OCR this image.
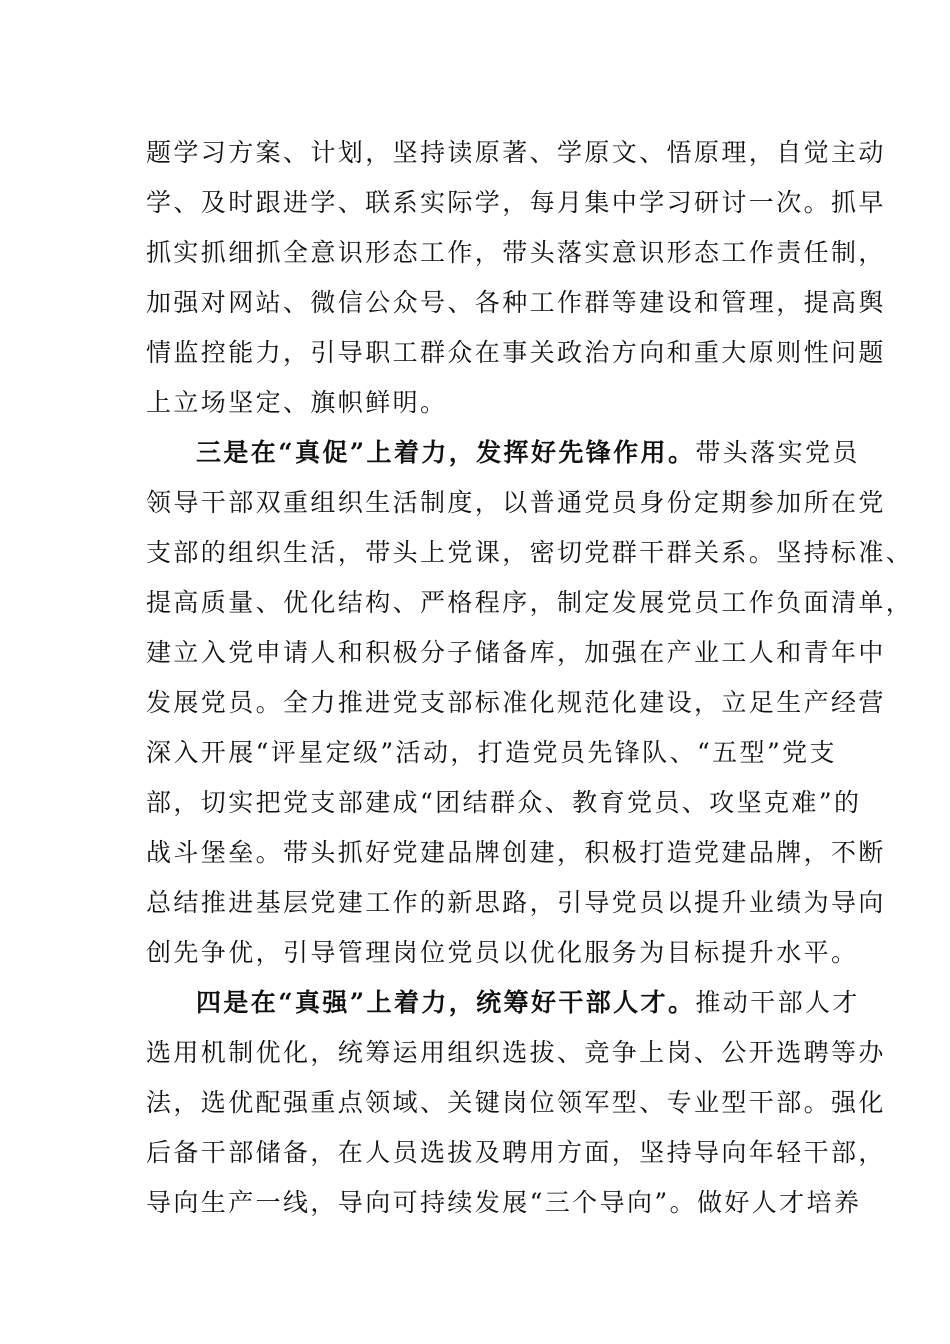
题学习方案、计划，坚持读原著、学原文、悟原理，自觉主动
学、及时跟进学、联系实际学，每月集中学习研讨一次。抓早
抓实抓细抓全意识形态工作，带头落实意识形态工作责任制，
加强对网站、微信公众号、各种工作群等建设和管理，提高舆
情监控能力，引导职工群众在事关政治方向和重大原则性问题
上立场坚定、旗帜鲜明。
三是在“真促”上着力，发挥好先锋作用。带头落实党员
领导干部双重组织生活制度，以普通党员身份定期参加所在党
支部的组织生活，带头上党课，密切党群干群关系。坚持标准、
提高质量、优化结构、严格程序，制定发展党员工作负面清单，
建立入党申请人和积极分子储备库，加强在产业工人和青年中
发展党员。全力推进党支部标准化规范化建设，立足生产经营
深入开展“评星定级”活动，打造党员先锋队、“五型”党支
部，切实把党支部建成“团结群众、教育党员、攻坚克难”的
战斗堡垒。带头抓好党建品牌创建，积极打造党建品牌，不断
总结推进基层党建工作的新思路，引导党员以提升业绩为导向
创先争优，引导管理岗位党员以优化服务为目标提升水平。
四是在“真强”上着力，统筹好干部人才。推动干部人才
选用机制优化，统筹运用组织选拔、竞争上岗、公开选聘等办
法，选优配强重点领域、关键岗位领军型、专业型干部。强化
后备干部储备，在人员选拔及聘用方面，坚持导向年轻干部，
导向生产一线，导向可持续发展“三个导向”。做好人才培养
